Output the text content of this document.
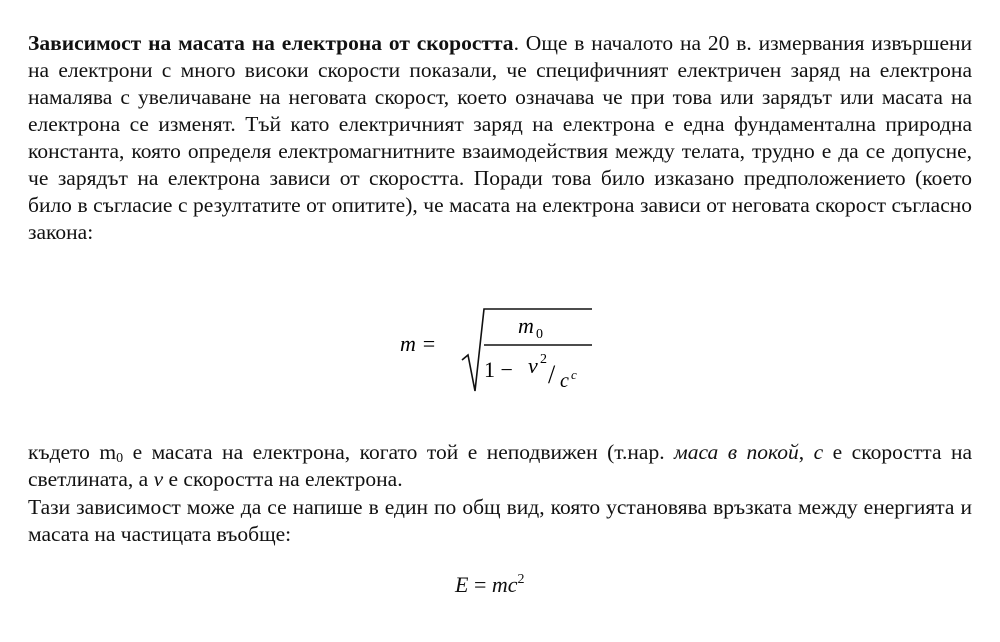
Зависимост на масата на електрона от скоростта. Още в началото на 20 в. измервания извършени на електрони с много високи скорости показали, че специфичният електричен заряд на електрона намалява с увеличаване на неговата скорост, което означава че при това или зарядът или масата на електрона се изменят. Тъй като електричният заряд на електрона е една фундаментална природна константа, която определя електромагнитните взаимодействия между телата, трудно е да се допусне, че зарядът на електрона зависи от скоростта. Поради това било изказано предположението (което било в съгласие с резултатите от опитите), че масата на електрона зависи от неговата скорост съгласно закона:

m =
m 0
1 − v 2
/ c c

където $m_0$ е масата на електрона, когато той е неподвижен (т.нар. маса в покой, c е скоростта на светлината, а v е скоростта на електрона.

Тази зависимост може да се напише в един по общ вид, която установява връзката между енергията и масата на частицата въобще:

$E = mc^2$
